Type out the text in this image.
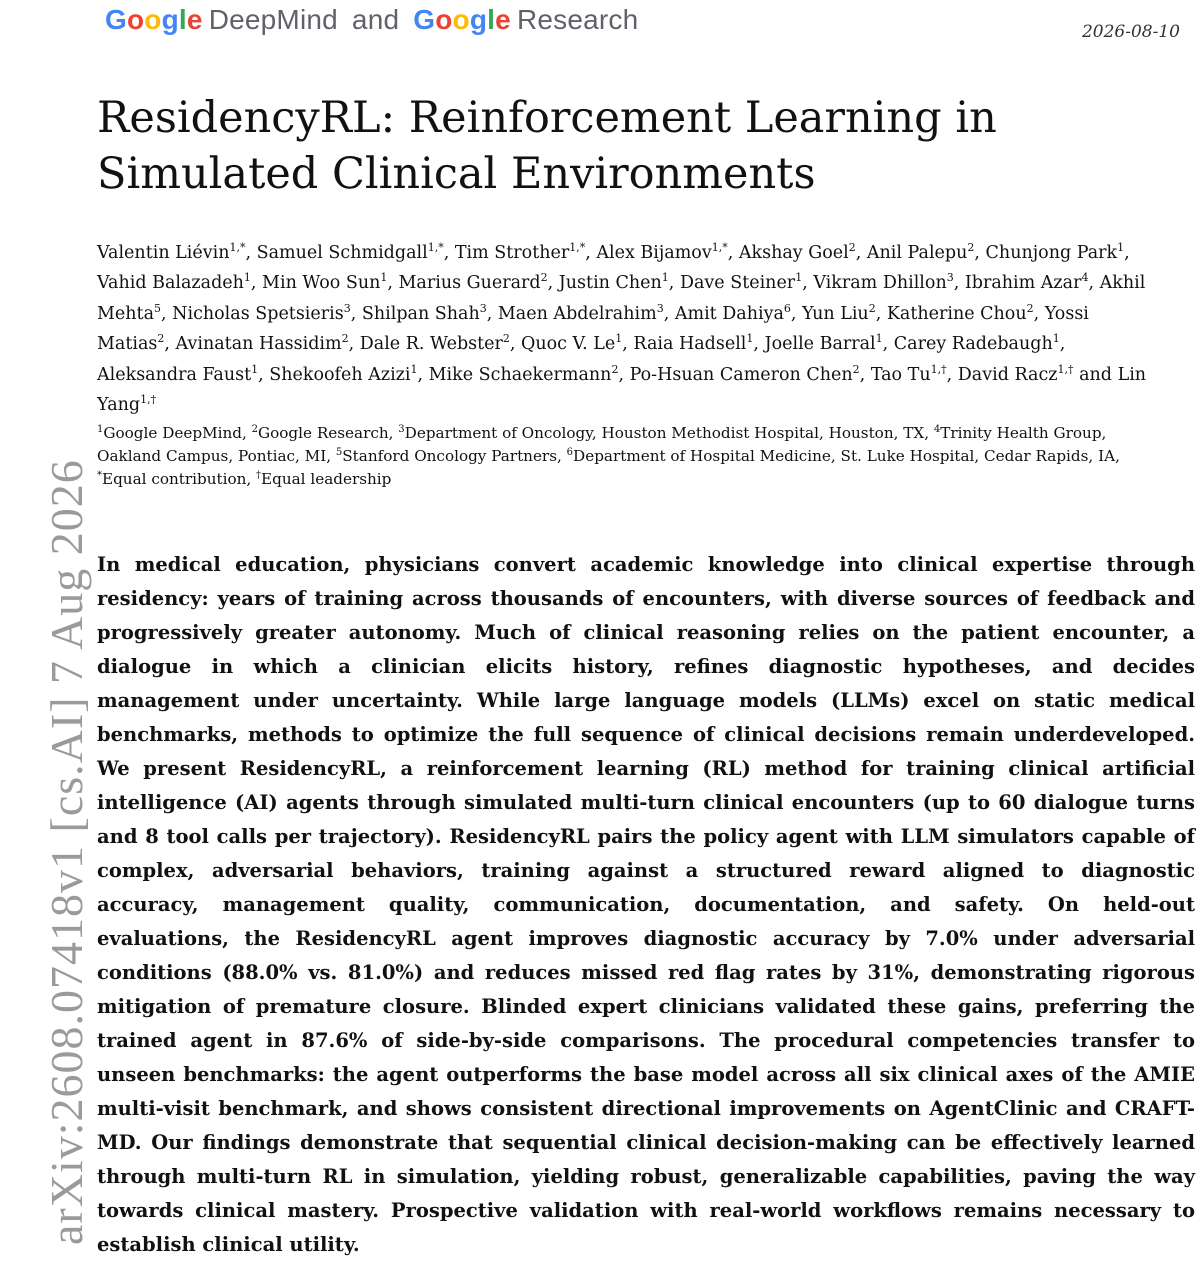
Google DeepMind and Google Research	2026-08-10
arXiv:2608.07418v1 [cs.AI] 7 Aug 2026
ResidencyRL: Reinforcement Learning in Simulated Clinical Environments

Valentin Liévin$^{1,*}$, Samuel Schmidgall$^{1,*}$, Tim Strother$^{1,*}$, Alex Bijamov$^{1,*}$, Akshay Goel$^2$, Anil Palepu$^2$, Chunjong Park$^1$, Vahid Balazadeh$^1$, Min Woo Sun$^1$, Marius Guerard$^2$, Justin Chen$^1$, Dave Steiner$^1$, Vikram Dhillon$^3$, Ibrahim Azar$^4$, Akhil Mehta$^5$, Nicholas Spetsieris$^3$, Shilpan Shah$^3$, Maen Abdelrahim$^3$, Amit Dahiya$^6$, Yun Liu$^2$, Katherine Chou$^2$, Yossi Matias$^2$, Avinatan Hassidim$^2$, Dale R. Webster$^2$, Quoc V. Le$^1$, Raia Hadsell$^1$, Joelle Barral$^1$, Carey Radebaugh$^1$, Aleksandra Faust$^1$, Shekoofeh Azizi$^1$, Mike Schaekermann$^2$, Po-Hsuan Cameron Chen$^2$, Tao $Tu^{1,\dagger}$, David Racz$^{1,\dagger}$ and Lin Yang$^{1,\dagger}$

$^1$Google DeepMind, $^2$Google Research, $^3$Department of Oncology, Houston Methodist Hospital, Houston, TX, $^4$Trinity Health Group, Oakland Campus, Pontiac, MI, $^5$Stanford Oncology Partners, $^6$Department of Hospital Medicine, St. Luke Hospital, Cedar Rapids, IA, *Equal contribution, †Equal leadership

In medical education, physicians convert academic knowledge into clinical expertise through residency: years of training across thousands of encounters, with diverse sources of feedback and progressively greater autonomy. Much of clinical reasoning relies on the patient encounter, a dialogue in which a clinician elicits history, refines diagnostic hypotheses, and decides management under uncertainty. While large language models (LLMs) excel on static medical benchmarks, methods to optimize the full sequence of clinical decisions remain underdeveloped. We present ResidencyRL, a reinforcement learning (RL) method for training clinical artificial intelligence (AI) agents through simulated multi-turn clinical encounters (up to 60 dialogue turns and 8 tool calls per trajectory). ResidencyRL pairs the policy agent with LLM simulators capable of complex, adversarial behaviors, training against a structured reward aligned to diagnostic accuracy, management quality, communication, documentation, and safety. On held-out evaluations, the ResidencyRL agent improves diagnostic accuracy by 7.0% under adversarial conditions (88.0% vs. 81.0%) and reduces missed red flag rates by 31%, demonstrating rigorous mitigation of premature closure. Blinded expert clinicians validated these gains, preferring the trained agent in 87.6% of side-by-side comparisons. The procedural competencies transfer to unseen benchmarks: the agent outperforms the base model across all six clinical axes of the AMIE multi-visit benchmark, and shows consistent directional improvements on AgentClinic and CRAFT-MD. Our findings demonstrate that sequential clinical decision-making can be effectively learned through multi-turn RL in simulation, yielding robust, generalizable capabilities, paving the way towards clinical mastery. Prospective validation with real-world workflows remains necessary to establish clinical utility.
